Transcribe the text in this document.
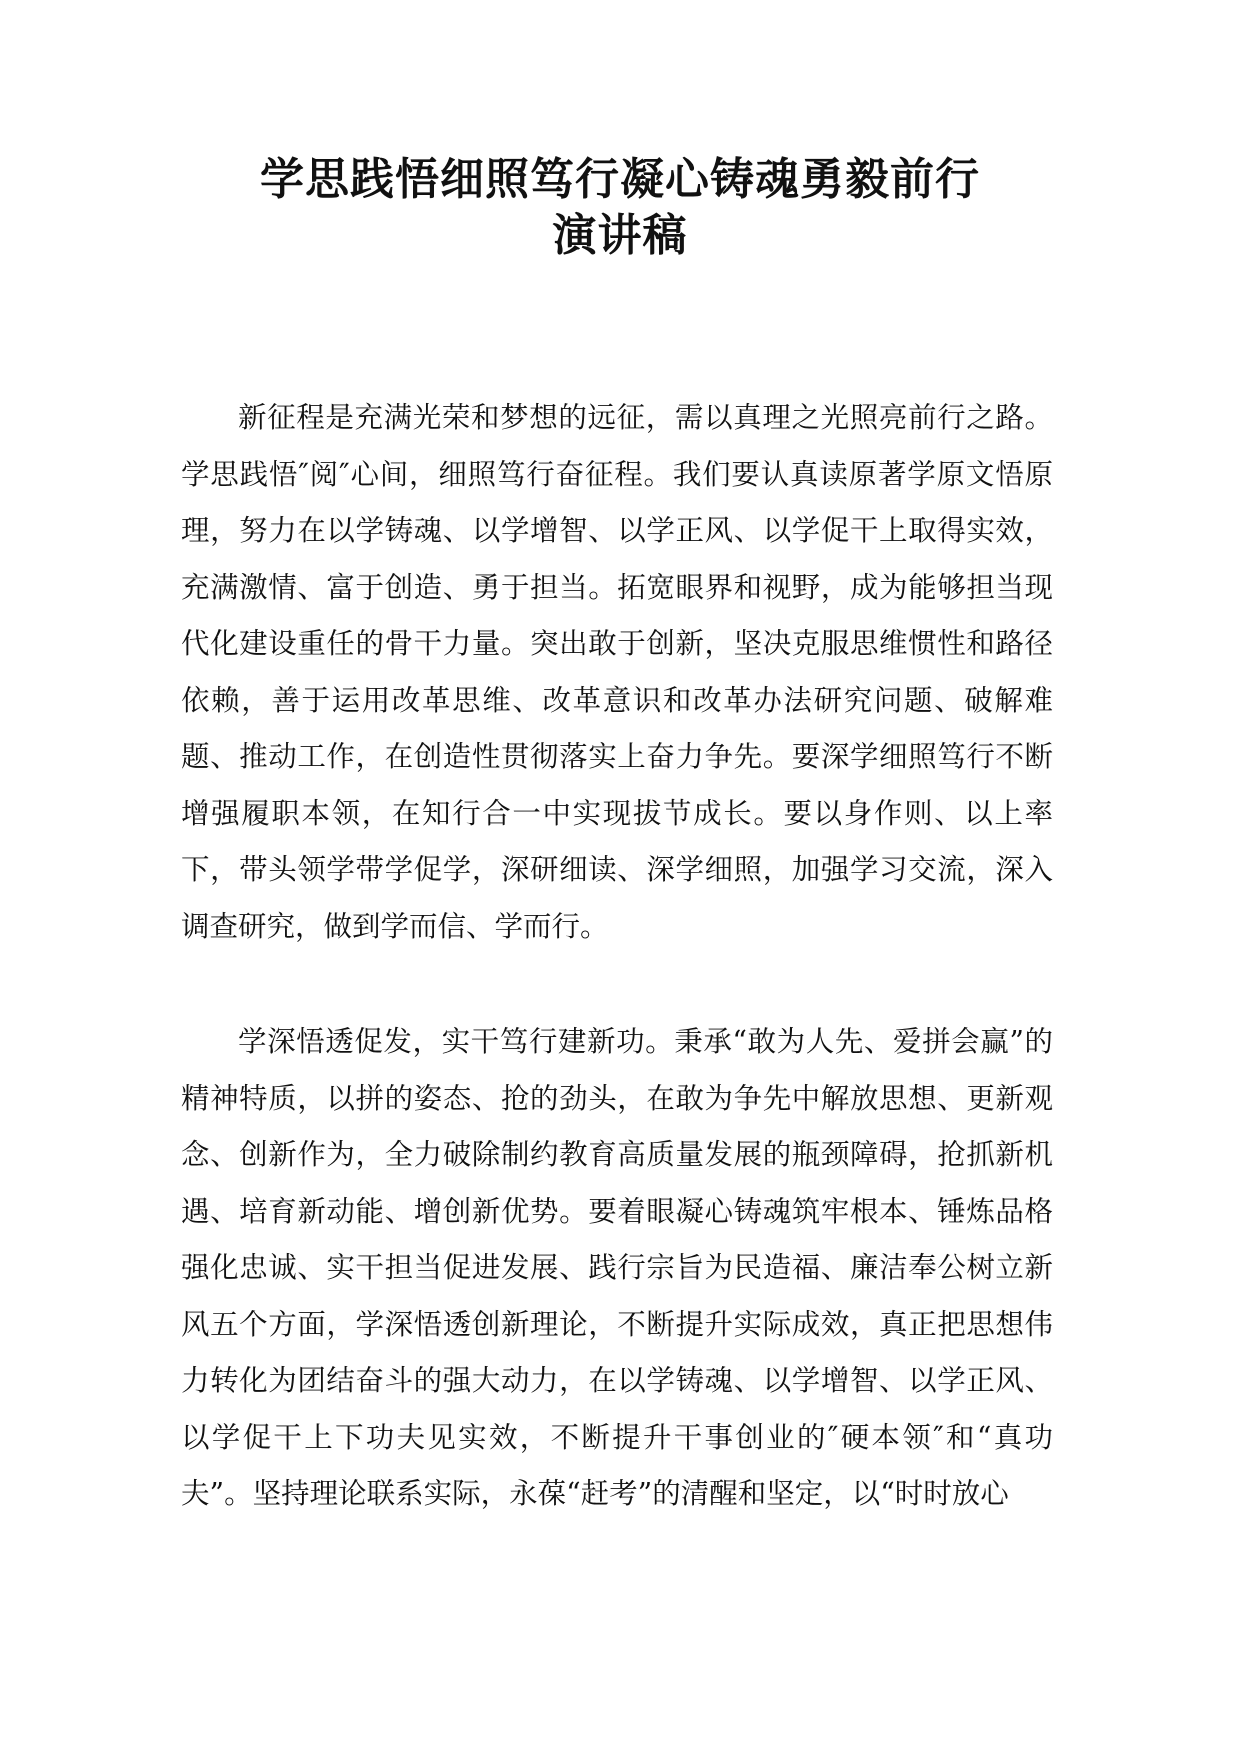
学思践悟细照笃行凝心铸魂勇毅前行
演讲稿

新征程是充满光荣和梦想的远征，需以真理之光照亮前行之路。学思践悟″阅″心间，细照笃行奋征程。我们要认真读原著学原文悟原理，努力在以学铸魂、以学增智、以学正风、以学促干上取得实效，充满激情、富于创造、勇于担当。拓宽眼界和视野，成为能够担当现代化建设重任的骨干力量。突出敢于创新，坚决克服思维惯性和路径依赖，善于运用改革思维、改革意识和改革办法研究问题、破解难题、推动工作，在创造性贯彻落实上奋力争先。要深学细照笃行不断增强履职本领，在知行合一中实现拔节成长。要以身作则、以上率下，带头领学带学促学，深研细读、深学细照，加强学习交流，深入调查研究，做到学而信、学而行。

学深悟透促发，实干笃行建新功。秉承“敢为人先、爱拼会赢”的精神特质，以拼的姿态、抢的劲头，在敢为争先中解放思想、更新观念、创新作为，全力破除制约教育高质量发展的瓶颈障碍，抢抓新机遇、培育新动能、增创新优势。要着眼凝心铸魂筑牢根本、锤炼品格强化忠诚、实干担当促进发展、践行宗旨为民造福、廉洁奉公树立新风五个方面，学深悟透创新理论，不断提升实际成效，真正把思想伟力转化为团结奋斗的强大动力，在以学铸魂、以学增智、以学正风、以学促干上下功夫见实效，不断提升干事创业的″硬本领″和“真功夫”。坚持理论联系实际，永葆“赶考”的清醒和坚定，以“时时放心
